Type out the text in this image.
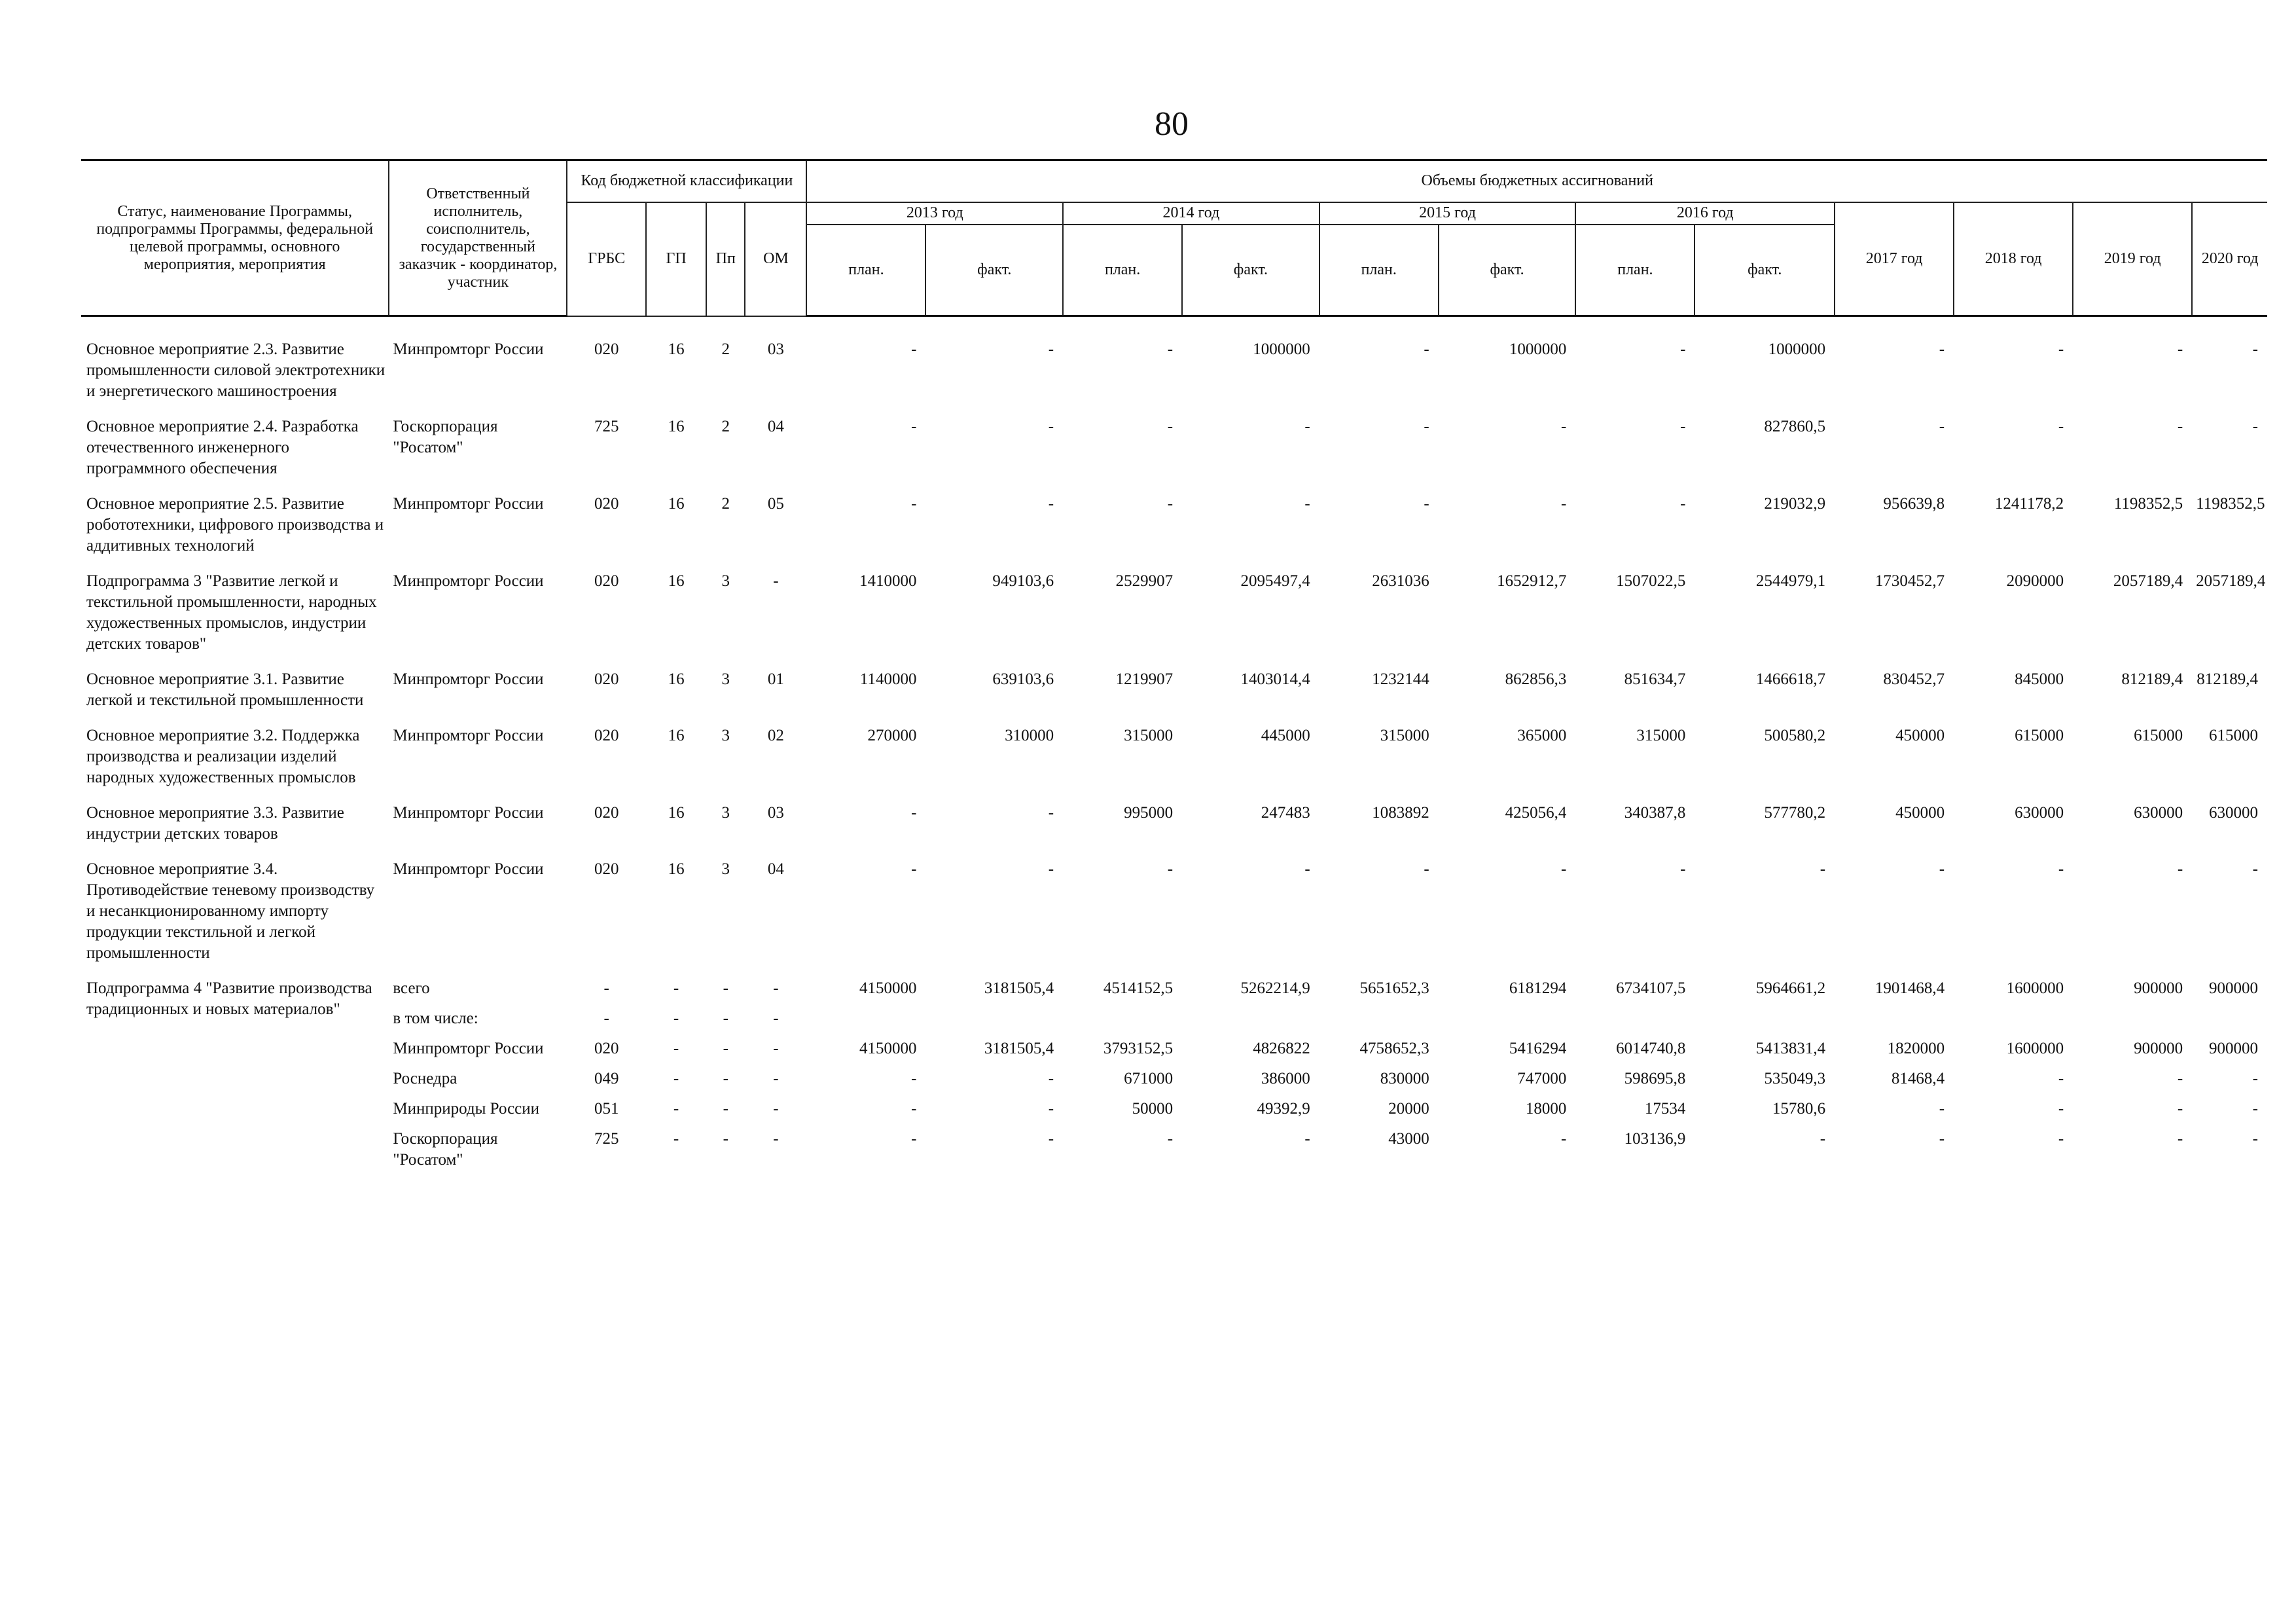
80
Статус, наименование Программы, подпрограммы Программы, федеральной целевой программы, основного мероприятия, мероприятия	Ответственный исполнитель, соисполнитель, государственный заказчик - координатор, участник	Код бюджетной классификации				Объемы бюджетных ассигнований											
		ГРБС	ГП	Пп	ОМ	2013 год		2014 год		2015 год		2016 год		2017 год	2018 год	2019 год	2020 год
						план.	факт.	план.	факт.	план.	факт.	план.	факт.				
Основное мероприятие 2.3. Развитие промышленности силовой электротехники и энергетического машиностроения	Минпромторг России	020	16	2	03	-	-	-	1000000	-	1000000	-	1000000	-	-	-	-
Основное мероприятие 2.4. Разработка отечественного инженерного программного обеспечения	Госкорпорация "Росатом"	725	16	2	04	-	-	-	-	-	-	-	827860,5	-	-	-	-
Основное мероприятие 2.5. Развитие робототехники, цифрового производства и аддитивных технологий	Минпромторг России	020	16	2	05	-	-	-	-	-	-	-	219032,9	956639,8	1241178,2	1198352,5	1198352,5
Подпрограмма 3 "Развитие легкой и текстильной промышленности, народных художественных промыслов, индустрии детских товаров"	Минпромторг России	020	16	3	-	1410000	949103,6	2529907	2095497,4	2631036	1652912,7	1507022,5	2544979,1	1730452,7	2090000	2057189,4	2057189,4
Основное мероприятие 3.1. Развитие легкой и текстильной промышленности	Минпромторг России	020	16	3	01	1140000	639103,6	1219907	1403014,4	1232144	862856,3	851634,7	1466618,7	830452,7	845000	812189,4	812189,4
Основное мероприятие 3.2. Поддержка производства и реализации изделий народных художественных промыслов	Минпромторг России	020	16	3	02	270000	310000	315000	445000	315000	365000	315000	500580,2	450000	615000	615000	615000
Основное мероприятие 3.3. Развитие индустрии детских товаров	Минпромторг России	020	16	3	03	-	-	995000	247483	1083892	425056,4	340387,8	577780,2	450000	630000	630000	630000
Основное мероприятие 3.4. Противодействие теневому производству и несанкционированному импорту продукции текстильной и легкой промышленности	Минпромторг России	020	16	3	04	-	-	-	-	-	-	-	-	-	-	-	-
Подпрограмма 4 "Развитие производства традиционных и новых материалов"	всего	-	-	-	-	4150000	3181505,4	4514152,5	5262214,9	5651652,3	6181294	6734107,5	5964661,2	1901468,4	1600000	900000	900000
	в том числе:	-	-	-	-												
	Минпромторг России	020	-	-	-	4150000	3181505,4	3793152,5	4826822	4758652,3	5416294	6014740,8	5413831,4	1820000	1600000	900000	900000
	Роснедра	049	-	-	-	-	-	671000	386000	830000	747000	598695,8	535049,3	81468,4	-	-	-
	Минприроды России	051	-	-	-	-	-	50000	49392,9	20000	18000	17534	15780,6	-	-	-	-
	Госкорпорация "Росатом"	725	-	-	-	-	-	-	-	43000	-	103136,9	-	-	-	-	-
